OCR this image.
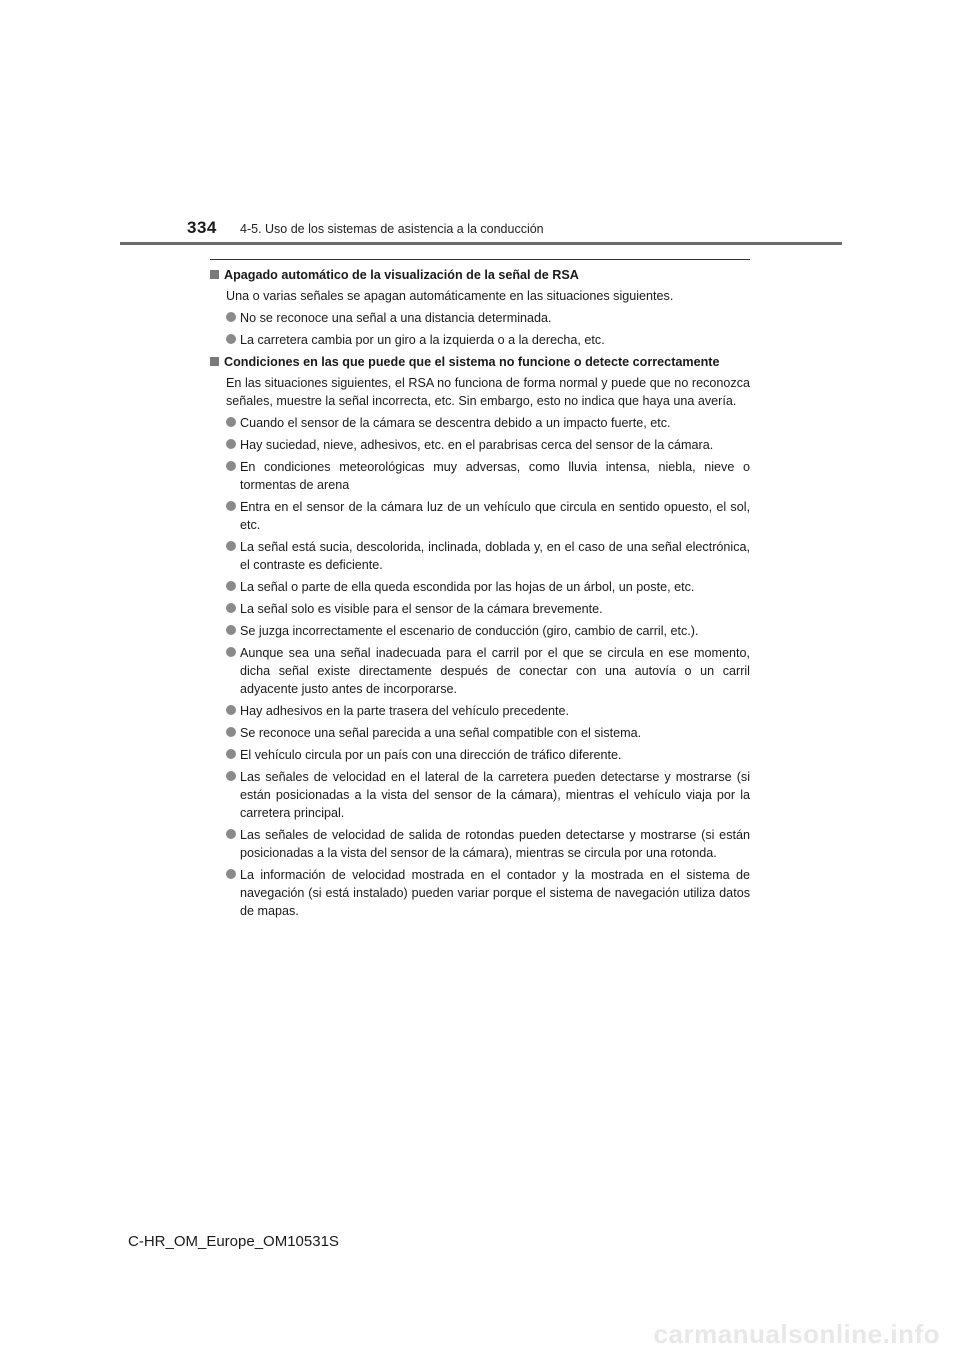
334 4-5. Uso de los sistemas de asistencia a la conducción
Apagado automático de la visualización de la señal de RSA
Una o varias señales se apagan automáticamente en las situaciones siguientes.
No se reconoce una señal a una distancia determinada.
La carretera cambia por un giro a la izquierda o a la derecha, etc.
Condiciones en las que puede que el sistema no funcione o detecte correctamente
En las situaciones siguientes, el RSA no funciona de forma normal y puede que no reconozca señales, muestre la señal incorrecta, etc. Sin embargo, esto no indica que haya una avería.
Cuando el sensor de la cámara se descentra debido a un impacto fuerte, etc.
Hay suciedad, nieve, adhesivos, etc. en el parabrisas cerca del sensor de la cámara.
En condiciones meteorológicas muy adversas, como lluvia intensa, niebla, nieve o tormentas de arena
Entra en el sensor de la cámara luz de un vehículo que circula en sentido opuesto, el sol, etc.
La señal está sucia, descolorida, inclinada, doblada y, en el caso de una señal electrónica, el contraste es deficiente.
La señal o parte de ella queda escondida por las hojas de un árbol, un poste, etc.
La señal solo es visible para el sensor de la cámara brevemente.
Se juzga incorrectamente el escenario de conducción (giro, cambio de carril, etc.).
Aunque sea una señal inadecuada para el carril por el que se circula en ese momento, dicha señal existe directamente después de conectar con una autovía o un carril adyacente justo antes de incorporarse.
Hay adhesivos en la parte trasera del vehículo precedente.
Se reconoce una señal parecida a una señal compatible con el sistema.
El vehículo circula por un país con una dirección de tráfico diferente.
Las señales de velocidad en el lateral de la carretera pueden detectarse y mostrarse (si están posicionadas a la vista del sensor de la cámara), mientras el vehículo viaja por la carretera principal.
Las señales de velocidad de salida de rotondas pueden detectarse y mostrarse (si están posicionadas a la vista del sensor de la cámara), mientras se circula por una rotonda.
La información de velocidad mostrada en el contador y la mostrada en el sistema de navegación (si está instalado) pueden variar porque el sistema de navegación utiliza datos de mapas.
C-HR_OM_Europe_OM10531S
carmanualsonline.info
